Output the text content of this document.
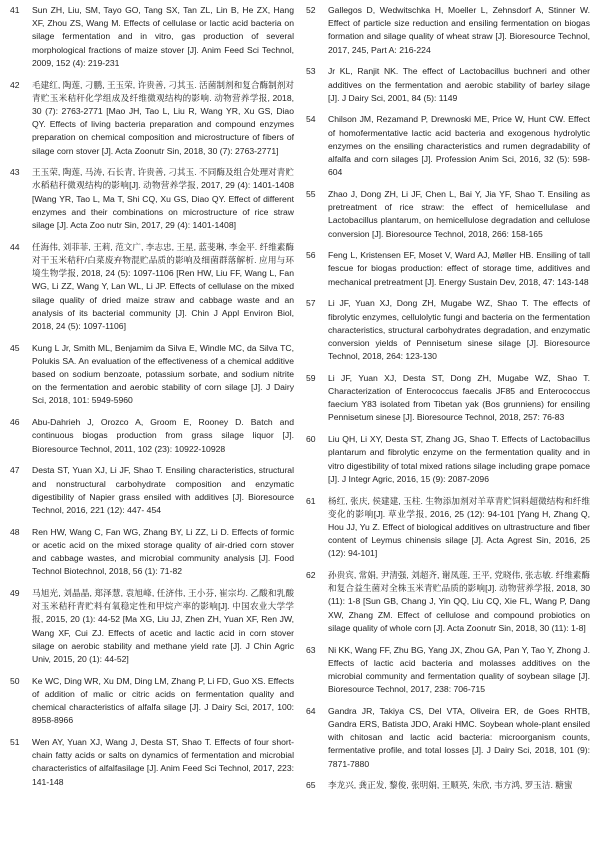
41	Sun ZH, Liu, SM, Tayo GO, Tang SX, Tan ZL, Lin B, He ZX, Hang XF, Zhou ZS, Wang M. Effects of cellulase or lactic acid bacteria on silage fermentation and in vitro, gas production of several morphological fractions of maize stover [J]. Anim Feed Sci Technol, 2009, 152 (4): 219-231
42	毛建红, 陶莲, 刁鹏, 王玉荣, 许贵善, 刁其玉. 活菌制剂和复合酶制剂对青贮玉米秸秆化学组成及纤维微观结构的影响. 动物营养学报, 2018, 30 (7): 2763-2771 [Mao JH, Tao L, Liu R, Wang YR, Xu GS, Diao QY. Effects of living bacteria preparation and compound enzymes preparation on chemical composition and microstructure of fibers of silage corn stover [J]. Acta Zoonutr Sin, 2018, 30 (7): 2763-2771]
43	王玉荣, 陶莲, 马涛, 石长青, 许贵善, 刁其玉. 不同酶及组合处理对青贮水稻秸秆微观结构的影响[J]. 动物营养学报, 2017, 29 (4): 1401-1408 [Wang YR, Tao L, Ma T, Shi CQ, Xu GS, Diao QY. Effect of different enzymes and their combinations on microstructure of rice straw silage [J]. Acta Zoo nutr Sin, 2017, 29 (4): 1401-1408]
44	任海伟, 刘菲菲, 王莉, 范文广, 李志忠, 王星, 蓝斐琳, 李金平. 纤维素酶对干玉米秸秆/白菜废弃物混贮品质的影响及细菌群落解析. 应用与环境生物学报, 2018, 24 (5): 1097-1106 [Ren HW, Liu FF, Wang L, Fan WG, Li ZZ, Wang Y, Lan WL, Li JP. Effects of cellulase on the mixed silage quality of dried maize straw and cabbage waste and an analysis of its bacterial community [J]. Chin J Appl Environ Biol, 2018, 24 (5): 1097-1106]
45	Kung L Jr, Smith ML, Benjamim da Silva E, Windle MC, da Silva TC, Polukis SA. An evaluation of the effectiveness of a chemical additive based on sodium benzoate, potassium sorbate, and sodium nitrite on the fermentation and aerobic stability of corn silage [J]. J Dairy Sci, 2018, 101: 5949-5960
46	Abu-Dahrieh J, Orozco A, Groom E, Rooney D. Batch and continuous biogas production from grass silage liquor [J]. Bioresource Technol, 2011, 102 (23): 10922-10928
47	Desta ST, Yuan XJ, Li JF, Shao T. Ensiling characteristics, structural and nonstructural carbohydrate composition and enzymatic digestibility of Napier grass ensiled with additives [J]. Bioresource Technol, 2016, 221 (12): 447- 454
48	Ren HW, Wang C, Fan WG, Zhang BY, Li ZZ, Li D. Effects of formic or acetic acid on the mixed storage quality of air-dried corn stover and cabbage wastes, and microbial community analysis [J]. Food Technol Biotechnol, 2018, 56 (1): 71-82
49	马旭光, 刘晶晶, 郑泽慧, 袁旭峰, 任济伟, 王小芬, 崔宗均. 乙酸和乳酸对玉米秸秆青贮料有氧稳定性和甲烷产率的影响[J]. 中国农业大学学报, 2015, 20 (1): 44-52 [Ma XG, Liu JJ, Zhen ZH, Yuan XF, Ren JW, Wang XF, Cui ZJ. Effects of acetic and lactic acid in corn stover silage on aerobic stability and methane yield rate [J]. J Chin Agric Univ, 2015, 20 (1): 44-52]
50	Ke WC, Ding WR, Xu DM, Ding LM, Zhang P, Li FD, Guo XS. Effects of addition of malic or citric acids on fermentation quality and chemical characteristics of alfalfa silage [J]. J Dairy Sci, 2017, 100: 8958-8966
51	Wen AY, Yuan XJ, Wang J, Desta ST, Shao T. Effects of four short-chain fatty acids or salts on dynamics of fermentation and microbial characteristics of alfalfasilage [J]. Anim Feed Sci Technol, 2017, 223: 141-148
52	Gallegos D, Wedwitschka H, Moeller L, Zehnsdorf A, Stinner W. Effect of particle size reduction and ensiling fermentation on biogas formation and silage quality of wheat straw [J]. Bioresource Technol, 2017, 245, Part A: 216-224
53	Jr KL, Ranjit NK. The effect of Lactobacillus buchneri and other additives on the fermentation and aerobic stability of barley silage [J]. J Dairy Sci, 2001, 84 (5): 1149
54	Chilson JM, Rezamand P, Drewnoski ME, Price W, Hunt CW. Effect of homofermentative lactic acid bacteria and exogenous hydrolytic enzymes on the ensiling characteristics and rumen degradability of alfalfa and corn silages [J]. Profession Anim Sci, 2016, 32 (5): 598-604
55	Zhao J, Dong ZH, Li JF, Chen L, Bai Y, Jia YF, Shao T. Ensiling as pretreatment of rice straw: the effect of hemicellulase and Lactobacillus plantarum, on hemicellulose degradation and cellulose conversion [J]. Bioresource Technol, 2018, 266: 158-165
56	Feng L, Kristensen EF, Moset V, Ward AJ, Møller HB. Ensiling of tall fescue for biogas production: effect of storage time, additives and mechanical pretreatment [J]. Energy Sustain Dev, 2018, 47: 143-148
57	Li JF, Yuan XJ, Dong ZH, Mugabe WZ, Shao T. The effects of fibrolytic enzymes, cellulolytic fungi and bacteria on the fermentation characteristics, structural carbohydrates degradation, and enzymatic conversion yields of Pennisetum sinese silage [J]. Bioresource Technol, 2018, 264: 123-130
59	Li JF, Yuan XJ, Desta ST, Dong ZH, Mugabe WZ, Shao T. Characterization of Enterococcus faecalis JF85 and Enterococcus faecium Y83 isolated from Tibetan yak (Bos grunniens) for ensiling Pennisetum sinese [J]. Bioresource Technol, 2018, 257: 76-83
60	Liu QH, Li XY, Desta ST, Zhang JG, Shao T. Effects of Lactobacillus plantarum and fibrolytic enzyme on the fermentation quality and in vitro digestibility of total mixed rations silage including grape pomace [J]. J Integr Agric, 2016, 15 (9): 2087-2096
61	杨红, 张庆, 侯建建, 玉柱. 生物添加剂对羊草青贮饲料超微结构和纤维变化的影响[J]. 草业学报, 2016, 25 (12): 94-101 [Yang H, Zhang Q, Hou JJ, Yu Z. Effect of biological additives on ultrastructure and fiber content of Leymus chinensis silage [J]. Acta Agrest Sin, 2016, 25 (12): 94-101]
62	孙贵宾, 常娟, 尹清强, 刘超齐, 谢凤莲, 王平, 党晓伟, 张志敏. 纤维素酶和复合益生菌对全株玉米青贮品质的影响[J]. 动物营养学报, 2018, 30 (11): 1-8 [Sun GB, Chang J, Yin QQ, Liu CQ, Xie FL, Wang P, Dang XW, Zhang ZM. Effect of cellulose and compound probiotics on silage quality of whole corn [J]. Acta Zoonutr Sin, 2018, 30 (11): 1-8]
63	Ni KK, Wang FF, Zhu BG, Yang JX, Zhou GA, Pan Y, Tao Y, Zhong J. Effects of lactic acid bacteria and molasses additives on the microbial community and fermentation quality of soybean silage [J]. Bioresource Technol, 2017, 238: 706-715
64	Gandra JR, Takiya CS, Del VTA, Oliveira ER, de Goes RHTB, Gandra ERS, Batista JDO, Araki HMC. Soybean whole-plant ensiled with chitosan and lactic acid bacteria: microorganism counts, fermentative profile, and total losses [J]. J Dairy Sci, 2018, 101 (9): 7871-7880
65	李龙兴, 龚正发, 黎俊, 张明娟, 王顺英, 朱欣, 韦方鸿, 罗玉洁. 糖蜜
